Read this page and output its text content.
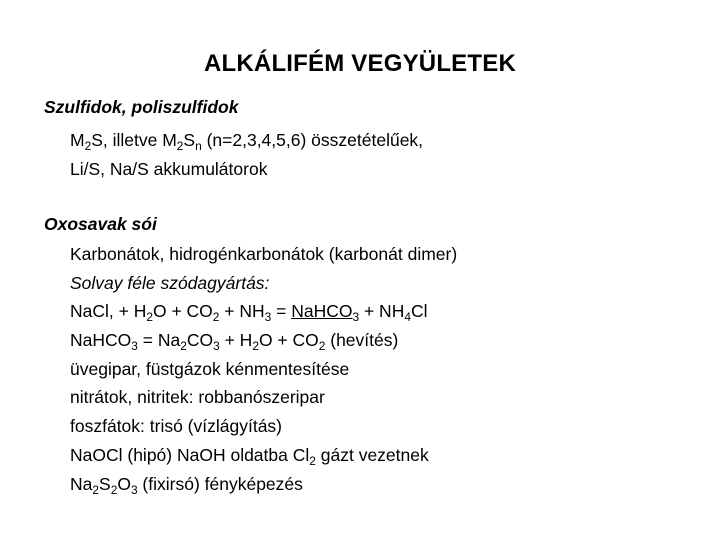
ALKÁLIFÉM VEGYÜLETEK
Szulfidok, poliszulfidok
$M_2S$, illetve $M_2S_n$ (n=2,3,4,5,6) összetételűek,
Li/S, Na/S akkumulátorok
Oxosavak sói
Karbonátok, hidrogénkarbonátok (karbonát dimer)
Solvay féle szódagyártás:
NaCl, + $H_2O + CO_2 + NH_3$ = NaHCO$_3$ + $NH_4Cl$
NaHCO$_3$ = $Na_2CO_3 + H_2O + CO_2$ (hevítés)
üvegipar, füstgázok kénmentesítése
nitrátok, nitritek: robbanószeripar
foszfátok: trisó (vízlágyítás)
NaOCl (hipó) NaOH oldatba $Cl_2$ gázt vezetnek
$Na_2S_2O_3$ (fixirsó) fényképezés
